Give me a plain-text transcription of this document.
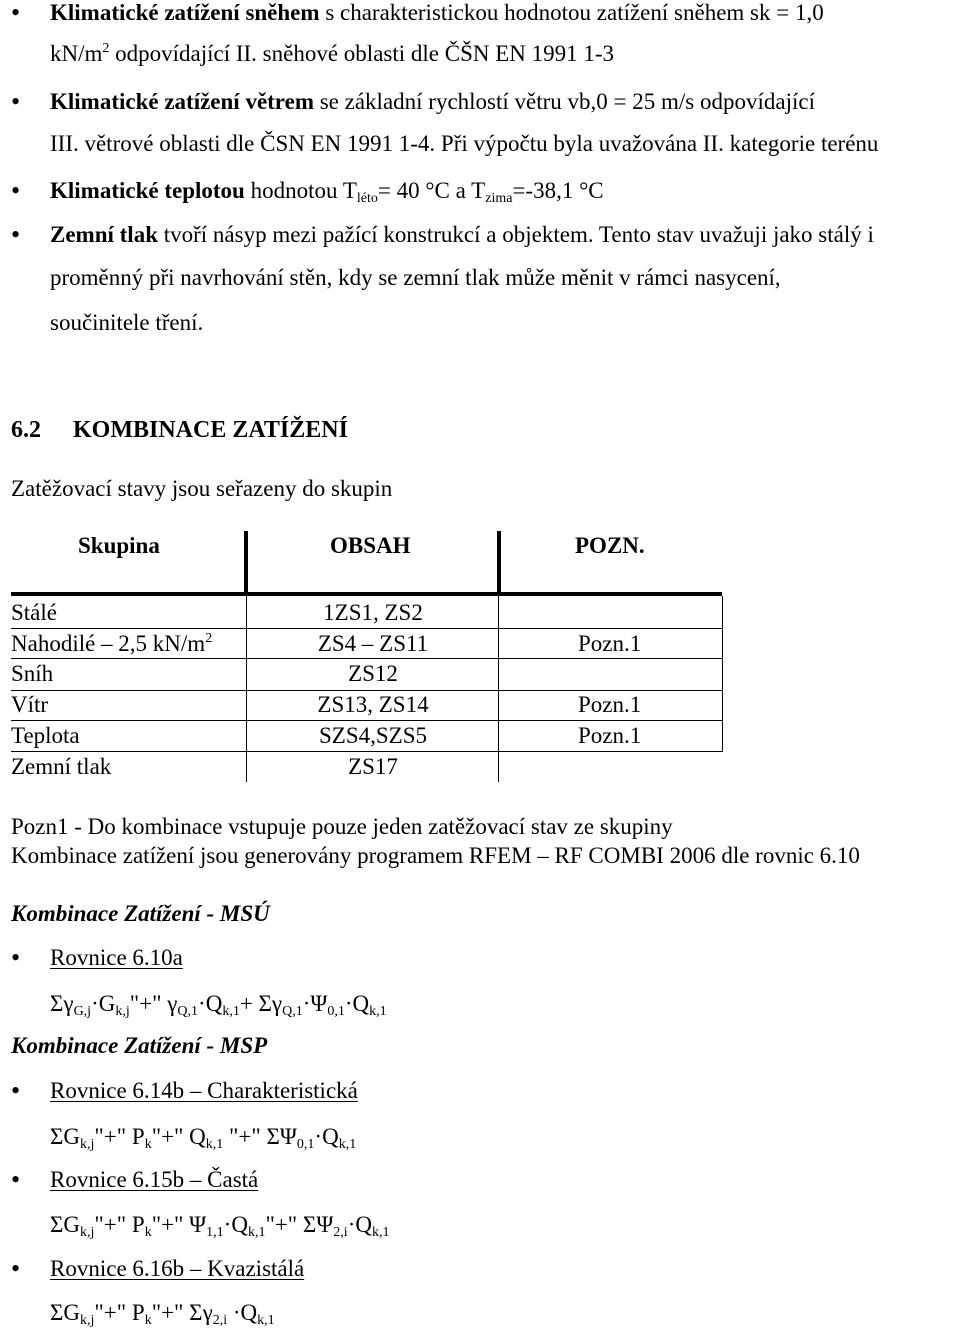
• Klimatické zatížení sněhem s charakteristickou hodnotou zatížení sněhem sk = 1,0
$kN/m^2$ odpovídající II. sněhové oblasti dle ČŠN EN 1991 1-3
• Klimatické zatížení větrem se základní rychlostí větru vb,0 = 25 m/s odpovídající
III. větrové oblasti dle ČSN EN 1991 1-4. Při výpočtu byla uvažována II. kategorie terénu
• Klimatické teplotou hodnotou $T_{léto}= 40$ °C a $T_{zima}=-38,1$ °C
• Zemní tlak tvoří násyp mezi pažící konstrukcí a objektem. Tento stav uvažuji jako stálý i
proměnný při navrhování stěn, kdy se zemní tlak může měnit v rámci nasycení,
součinitele tření.
6.2 KOMBINACE ZATÍŽENÍ
Zatěžovací stavy jsou seřazeny do skupin
Skupina	OBSAH	POZN.
Stálé	1ZS1, ZS2
Nahodilé – 2,5 $kN/m^2$	ZS4 – ZS11	Pozn.1
Sníh	ZS12
Vítr	ZS13, ZS14	Pozn.1
Teplota	SZS4,SZS5	Pozn.1
Zemní tlak	ZS17
Pozn1 - Do kombinace vstupuje pouze jeden zatěžovací stav ze skupiny
Kombinace zatížení jsou generovány programem RFEM – RF COMBI 2006 dle rovnic 6.10
Kombinace Zatížení - MSÚ
• Rovnice 6.10a
$\Sigma\gamma_{G,j}\cdot G_{k,j}"+$" $\gamma_{Q,1}\cdot Q_{k,1}+ \Sigma\gamma_{Q,1}\cdot\Psi_{0,1}\cdot Q_{k,1}$
Kombinace Zatížení - MSP
• Rovnice 6.14b – Charakteristická
$\Sigma G_{k,j}"+$" $P_k"+$" $Q_{k,1}$ "+" $\Sigma\Psi_{0,1}\cdot Q_{k,1}$
• Rovnice 6.15b – Častá
$\Sigma G_{k,j}"+$" $P_k"+$" $\Psi_{1,1}\cdot Q_{k,1}"+$" $\Sigma\Psi_{2,i}\cdot Q_{k,1}$
• Rovnice 6.16b – Kvazistálá
$\Sigma G_{k,j}"+$" $P_k"+$" $\Sigma\gamma_{2,i} \cdot Q_{k,1}$
